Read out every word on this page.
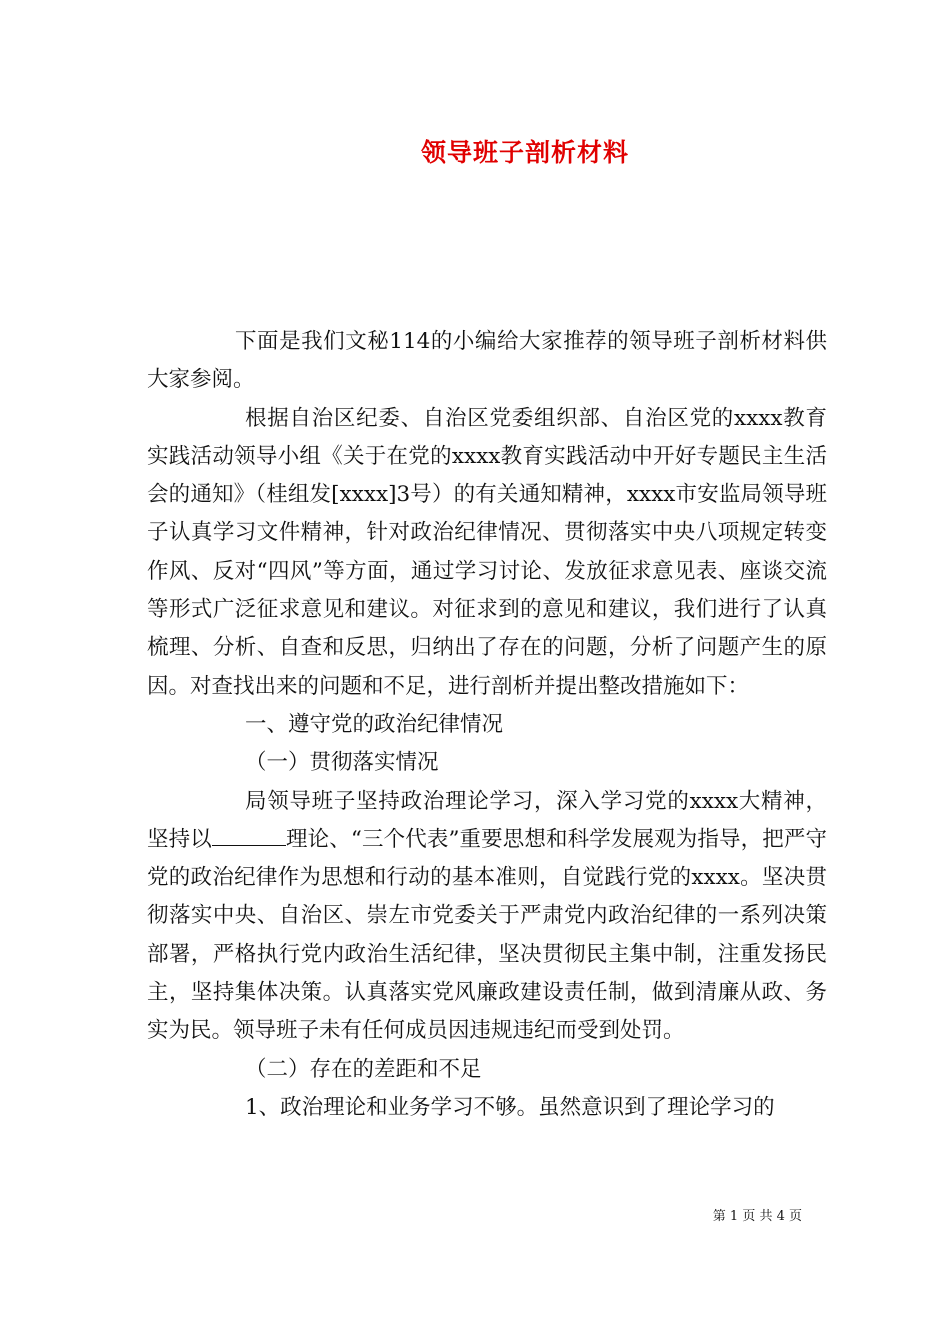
领导班子剖析材料

下面是我们文秘114的小编给大家推荐的领导班子剖析材料供大家参阅。

根据自治区纪委、自治区党委组织部、自治区党的xxxx教育实践活动领导小组《关于在党的xxxx教育实践活动中开好专题民主生活会的通知》（桂组发[xxxx]3号）的有关通知精神，xxxx市安监局领导班子认真学习文件精神，针对政治纪律情况、贯彻落实中央八项规定转变作风、反对“四风”等方面，通过学习讨论、发放征求意见表、座谈交流等形式广泛征求意见和建议。对征求到的意见和建议，我们进行了认真梳理、分析、自查和反思，归纳出了存在的问题，分析了问题产生的原因。对查找出来的问题和不足，进行剖析并提出整改措施如下：

一、遵守党的政治纪律情况

（一）贯彻落实情况

局领导班子坚持政治理论学习，深入学习党的xxxx大精神，坚持以	理论、“三个代表”重要思想和科学发展观为指导，把严守党的政治纪律作为思想和行动的基本准则，自觉践行党的xxxx。坚决贯彻落实中央、自治区、崇左市党委关于严肃党内政治纪律的一系列决策部署，严格执行党内政治生活纪律，坚决贯彻民主集中制，注重发扬民主，坚持集体决策。认真落实党风廉政建设责任制，做到清廉从政、务实为民。领导班子未有任何成员因违规违纪而受到处罚。

（二）存在的差距和不足

1、政治理论和业务学习不够。虽然意识到了理论学习的

第 1 页 共 4 页
